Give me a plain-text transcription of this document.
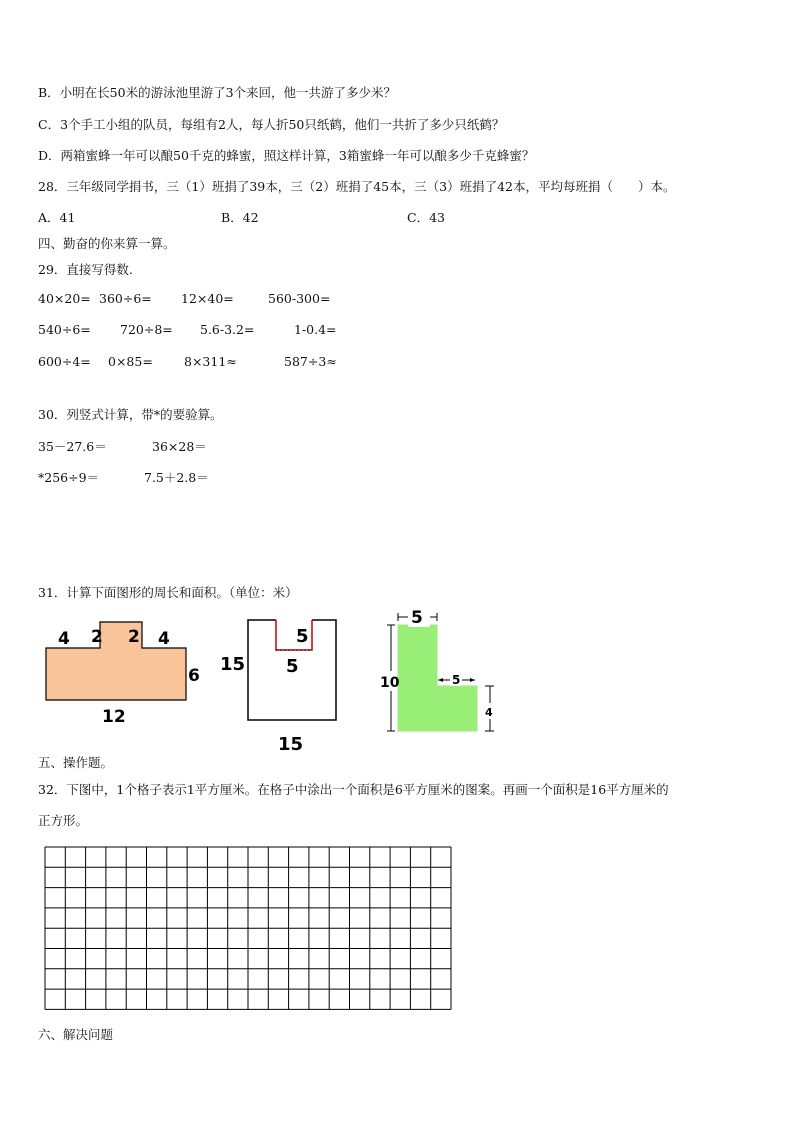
B．小明在长50米的游泳池里游了3个来回，他一共游了多少米？
C．3个手工小组的队员，每组有2人，每人折50只纸鹤，他们一共折了多少只纸鹤？
D．两箱蜜蜂一年可以酿50千克的蜂蜜，照这样计算，3箱蜜蜂一年可以酿多少千克蜂蜜？
28．三年级同学捐书，三（1）班捐了39本，三（2）班捐了45本，三（3）班捐了42本，平均每班捐（　　）本。
A．41	B．42	C．43
四、勤奋的你来算一算。
29．直接写得数.
40×20= 360÷6= 12×40=	560-300=
540÷6= 720÷8= 5.6-3.2=	1-0.4=
600÷4= 0×85= 8×311≈	587÷3≈
30．列竖式计算，带*的要验算。
35－27.6＝	36×28＝
*256÷9＝	7.5＋2.8＝
31．计算下面图形的周长和面积。（单位：米）
4 2 2 4
6
12
15
5
5
15
5
10	5
4
五、操作题。
32．下图中，1个格子表示1平方厘米。在格子中涂出一个面积是6平方厘米的图案。再画一个面积是16平方厘米的
正方形。
六、解决问题
